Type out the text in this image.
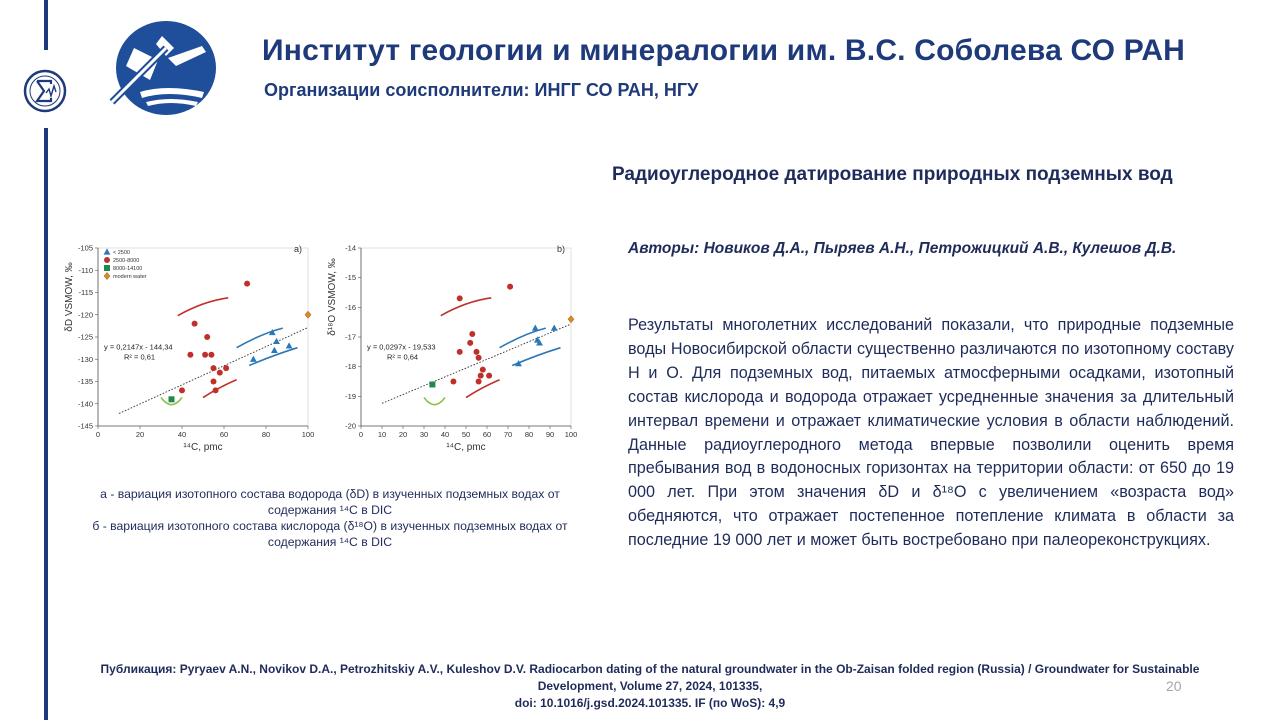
Институт геологии и минералогии им. В.С. Соболева СО РАН
Организации соисполнители: ИНГГ СО РАН, НГУ
Радиоуглеродное датирование природных подземных вод
Авторы: Новиков Д.А., Пыряев А.Н., Петрожицкий А.В., Кулешов Д.В.
Результаты многолетних исследований показали, что природные подземные воды Новосибирской области существенно различаются по изотопному составу H и O. Для подземных вод, питаемых атмосферными осадками, изотопный состав кислорода и водорода отражает усредненные значения за длительный интервал времени и отражает климатические условия в области наблюдений. Данные радиоуглеродного метода впервые позволили оценить время пребывания вод в водоносных горизонтах на территории области: от 650 до 19 000 лет. При этом значения δD и δ¹⁸O с увеличением «возраста вод» обедняются, что отражает постепенное потепление климата в области за последние 19 000 лет и может быть востребовано при палеореконструкциях.
0	20	40	60	80	100
-105
-110
-115
-120
-125
-130
-135
-140
-145
¹⁴C, pmc
δD VSMOW, ‰
a)
y = 0,2147x - 144,34
R² = 0,61
< 2500
2500-8000
8000-14100
modern water
0 10 20 30 40 50 60 70 80 90 100
-14
-15
-16
-17
-18
-19
-20
¹⁴C, pmc
δ¹⁸O VSMOW, ‰
b)
y = 0,0297x - 19,533
R² = 0,64
а - вариация изотопного состава водорода (δD) в изученных подземных водах от содержания ¹⁴C в DIC
б - вариация изотопного состава кислорода (δ¹⁸O) в изученных подземных водах от содержания ¹⁴C в DIC
Публикация: Pyryaev A.N., Novikov D.A., Petrozhitskiy A.V., Kuleshov D.V. Radiocarbon dating of the natural groundwater in the Ob-Zaisan folded region (Russia) / Groundwater for Sustainable
Development, Volume 27, 2024, 101335,
doi: 10.1016/j.gsd.2024.101335. IF (по WoS): 4,9
20
